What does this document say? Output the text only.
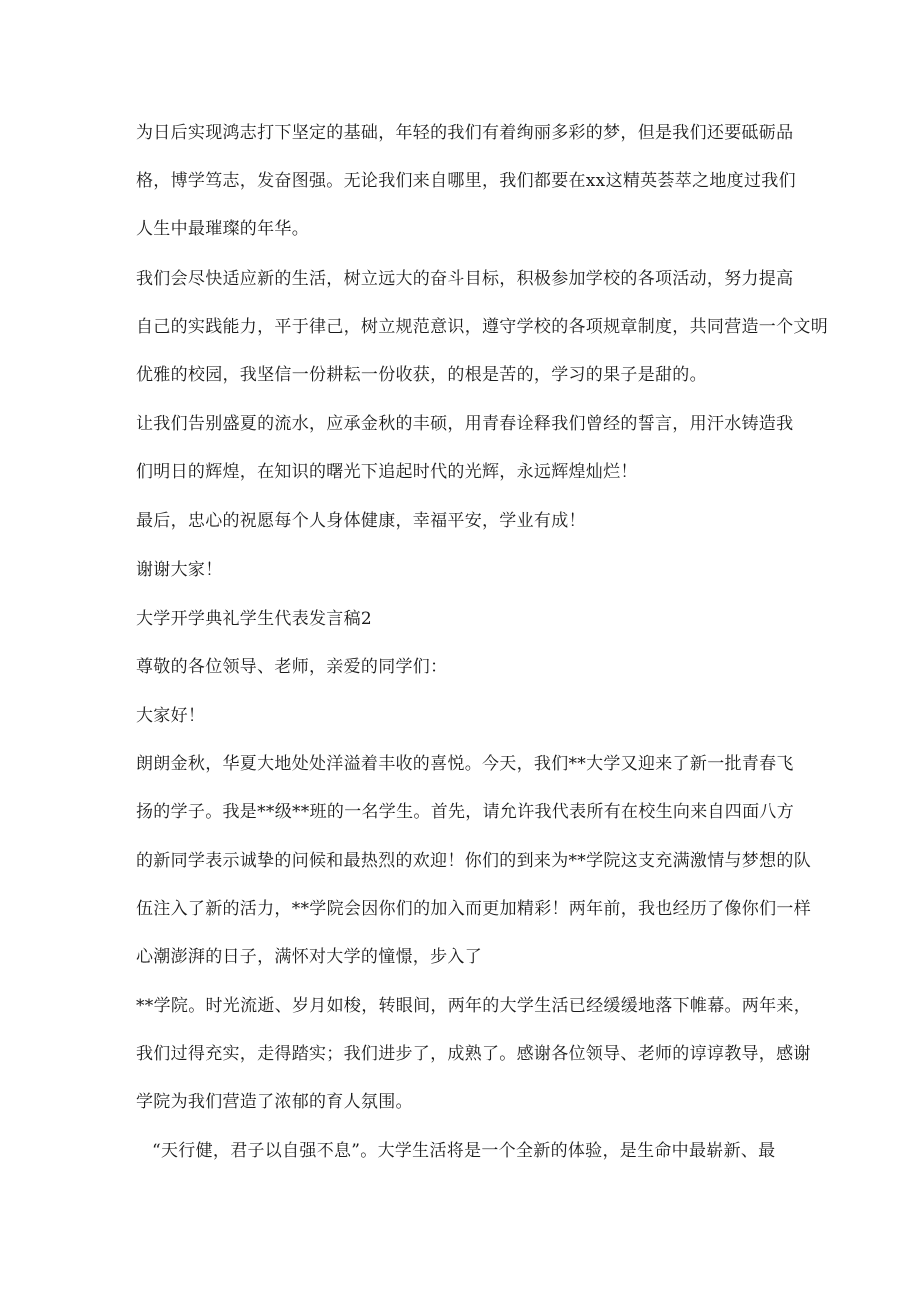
为日后实现鸿志打下坚定的基础，年轻的我们有着绚丽多彩的梦，但是我们还要砥砺品
格，博学笃志，发奋图强。无论我们来自哪里，我们都要在xx这精英荟萃之地度过我们
人生中最璀璨的年华。
我们会尽快适应新的生活，树立远大的奋斗目标，积极参加学校的各项活动，努力提高
自己的实践能力，平于律己，树立规范意识，遵守学校的各项规章制度，共同营造一个文明
优雅的校园，我坚信一份耕耘一份收获，的根是苦的，学习的果子是甜的。
让我们告别盛夏的流水，应承金秋的丰硕，用青春诠释我们曾经的誓言，用汗水铸造我
们明日的辉煌，在知识的曙光下追起时代的光辉，永远辉煌灿烂！
最后，忠心的祝愿每个人身体健康，幸福平安，学业有成！
谢谢大家！
大学开学典礼学生代表发言稿2
尊敬的各位领导、老师，亲爱的同学们：
大家好！
朗朗金秋，华夏大地处处洋溢着丰收的喜悦。今天，我们**大学又迎来了新一批青春飞
扬的学子。我是**级**班的一名学生。首先，请允许我代表所有在校生向来自四面八方
的新同学表示诚挚的问候和最热烈的欢迎！你们的到来为**学院这支充满激情与梦想的队
伍注入了新的活力，**学院会因你们的加入而更加精彩！两年前，我也经历了像你们一样
心潮澎湃的日子，满怀对大学的憧憬，步入了
**学院。时光流逝、岁月如梭，转眼间，两年的大学生活已经缓缓地落下帷幕。两年来，
我们过得充实，走得踏实；我们进步了，成熟了。感谢各位领导、老师的谆谆教导，感谢
学院为我们营造了浓郁的育人氛围。
“天行健，君子以自强不息”。大学生活将是一个全新的体验，是生命中最崭新、最
